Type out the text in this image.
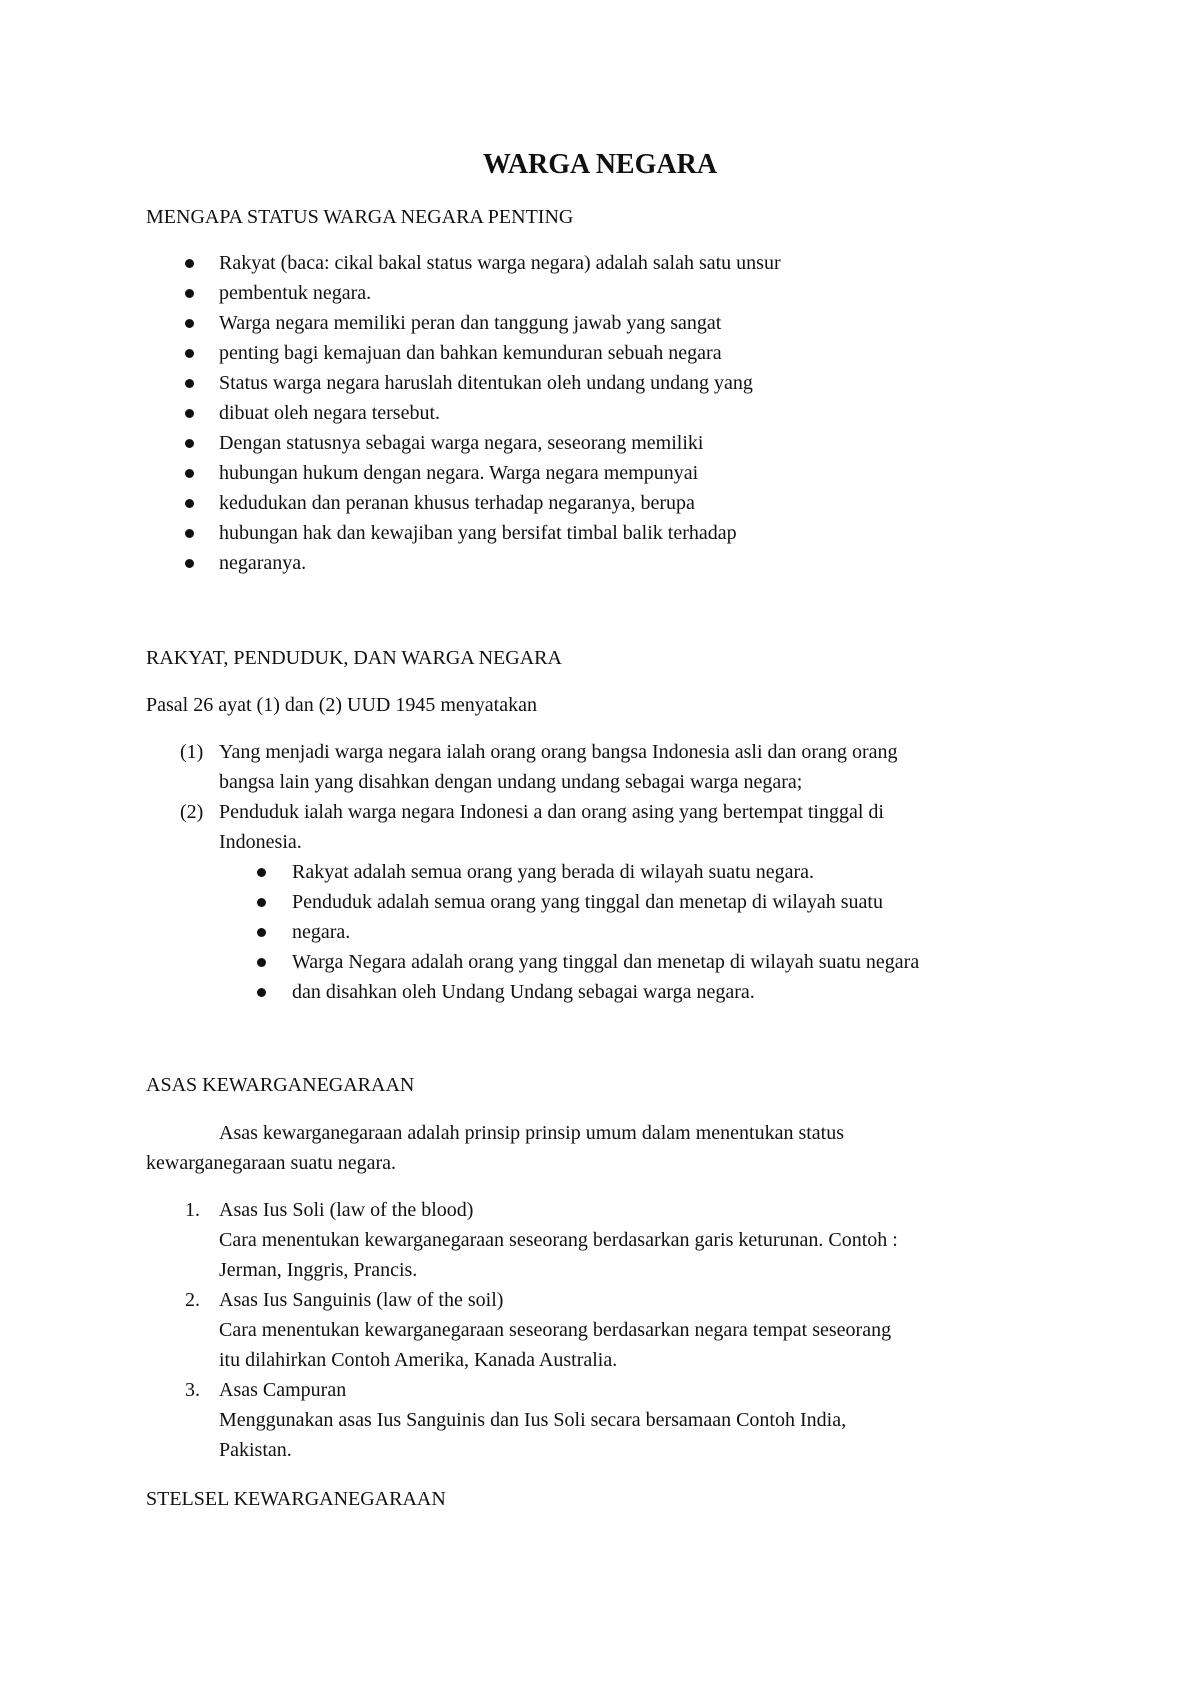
WARGA NEGARA
MENGAPA STATUS WARGA NEGARA PENTING
Rakyat (baca: cikal bakal status warga negara) adalah salah satu unsur
pembentuk negara.
Warga negara memiliki peran dan tanggung jawab yang sangat
penting bagi kemajuan dan bahkan kemunduran sebuah negara
Status warga negara haruslah ditentukan oleh undang undang yang
dibuat oleh negara tersebut.
Dengan statusnya sebagai warga negara, seseorang memiliki
hubungan hukum dengan negara. Warga negara mempunyai
kedudukan dan peranan khusus terhadap negaranya, berupa
hubungan hak dan kewajiban yang bersifat timbal balik terhadap
negaranya.
RAKYAT, PENDUDUK, DAN WARGA NEGARA
Pasal 26 ayat (1) dan (2) UUD 1945 menyatakan
(1) Yang menjadi warga negara ialah orang orang bangsa Indonesia asli dan orang orang
bangsa lain yang disahkan dengan undang undang sebagai warga negara;
(2) Penduduk ialah warga negara Indonesi a dan orang asing yang bertempat tinggal di
Indonesia.
Rakyat adalah semua orang yang berada di wilayah suatu negara.
Penduduk adalah semua orang yang tinggal dan menetap di wilayah suatu
negara.
Warga Negara adalah orang yang tinggal dan menetap di wilayah suatu negara
dan disahkan oleh Undang Undang sebagai warga negara.
ASAS KEWARGANEGARAAN
Asas kewarganegaraan adalah prinsip prinsip umum dalam menentukan status
kewarganegaraan suatu negara.
1. Asas Ius Soli (law of the blood)
Cara menentukan kewarganegaraan seseorang berdasarkan garis keturunan. Contoh :
Jerman, Inggris, Prancis.
2. Asas Ius Sanguinis (law of the soil)
Cara menentukan kewarganegaraan seseorang berdasarkan negara tempat seseorang
itu dilahirkan Contoh Amerika, Kanada Australia.
3. Asas Campuran
Menggunakan asas Ius Sanguinis dan Ius Soli secara bersamaan Contoh India,
Pakistan.
STELSEL KEWARGANEGARAAN
